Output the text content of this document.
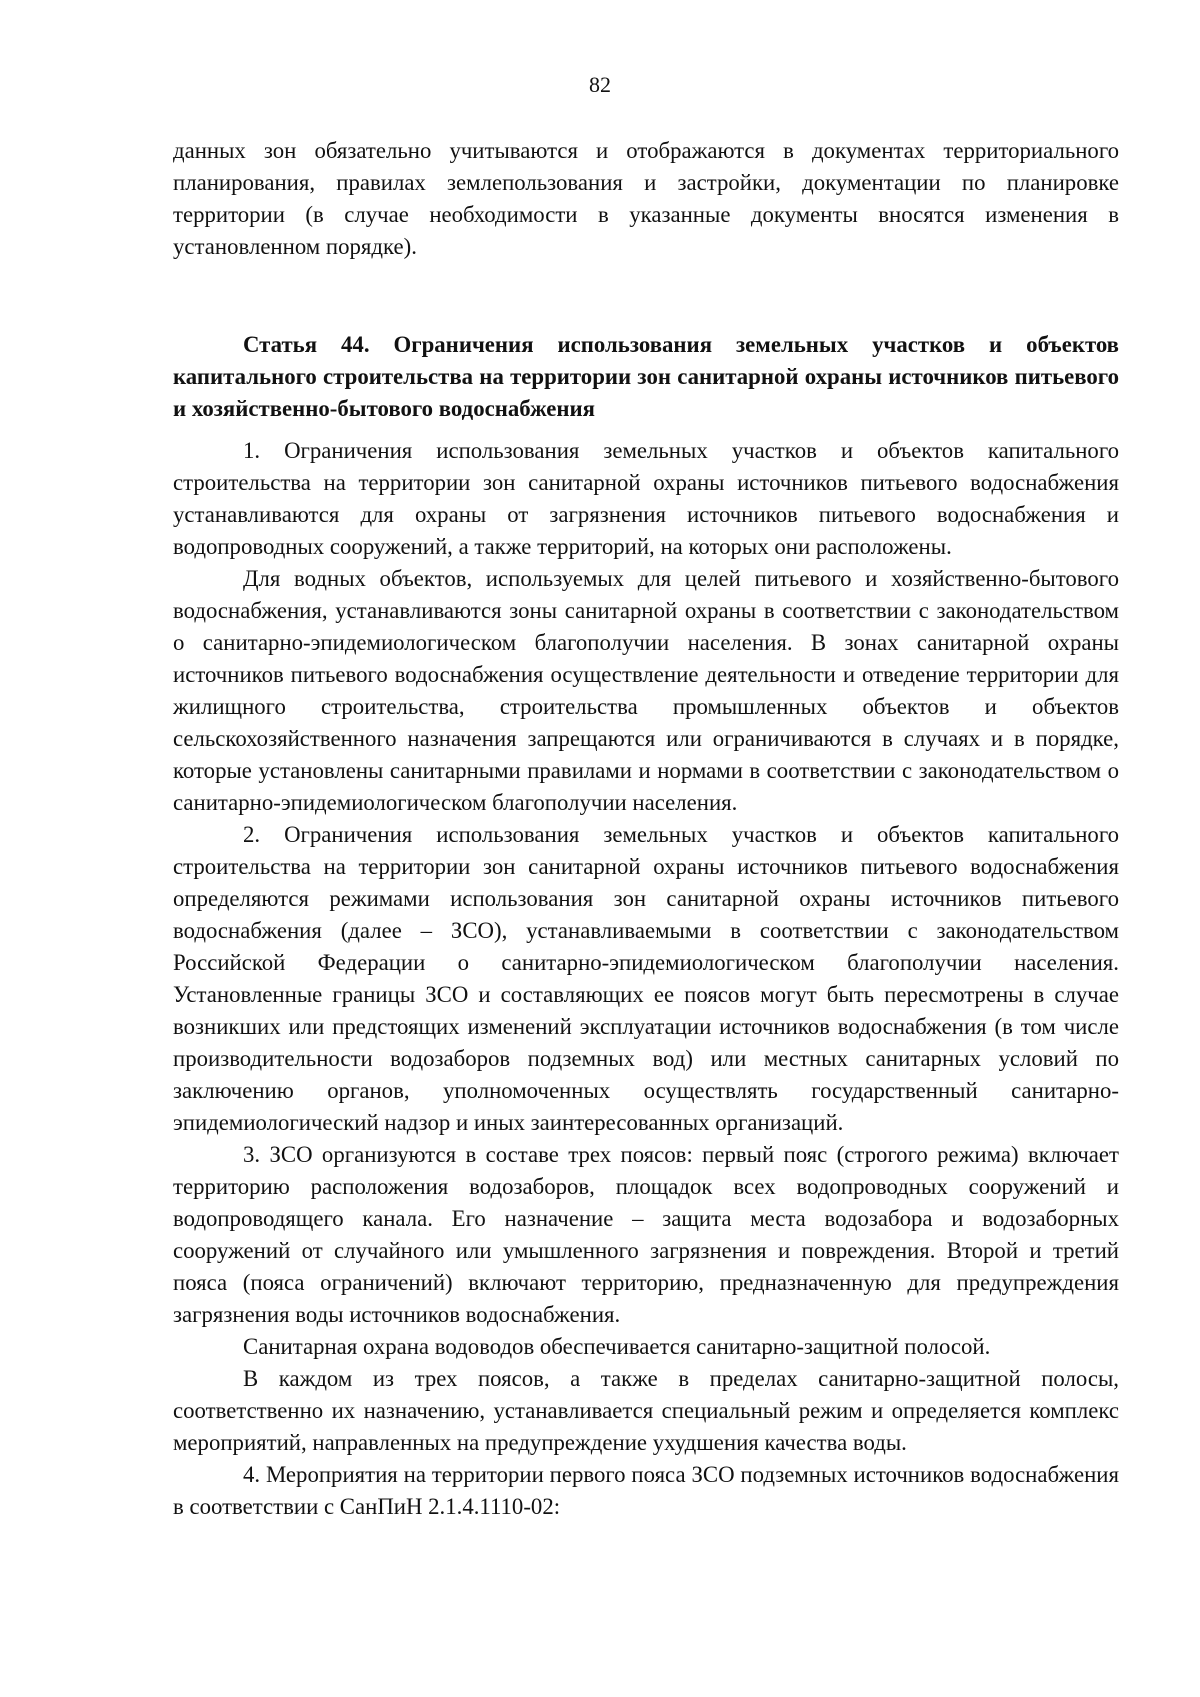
82

данных зон обязательно учитываются и отображаются в документах территориального планирования, правилах землепользования и застройки, документации по планировке территории (в случае необходимости в указанные документы вносятся изменения в установленном порядке).

Статья 44. Ограничения использования земельных участков и объектов капитального строительства на территории зон санитарной охраны источников питьевого и хозяйственно-бытового водоснабжения

1. Ограничения использования земельных участков и объектов капитального строительства на территории зон санитарной охраны источников питьевого водоснабжения устанавливаются для охраны от загрязнения источников питьевого водоснабжения и водопроводных сооружений, а также территорий, на которых они расположены.

Для водных объектов, используемых для целей питьевого и хозяйственно-бытового водоснабжения, устанавливаются зоны санитарной охраны в соответствии с законодательством о санитарно-эпидемиологическом благополучии населения. В зонах санитарной охраны источников питьевого водоснабжения осуществление деятельности и отведение территории для жилищного строительства, строительства промышленных объектов и объектов сельскохозяйственного назначения запрещаются или ограничиваются в случаях и в порядке, которые установлены санитарными правилами и нормами в соответствии с законодательством о санитарно-эпидемиологическом благополучии населения.

2. Ограничения использования земельных участков и объектов капитального строительства на территории зон санитарной охраны источников питьевого водоснабжения определяются режимами использования зон санитарной охраны источников питьевого водоснабжения (далее – ЗСО), устанавливаемыми в соответствии с законодательством Российской Федерации о санитарно-эпидемиологическом благополучии населения. Установленные границы ЗСО и составляющих ее поясов могут быть пересмотрены в случае возникших или предстоящих изменений эксплуатации источников водоснабжения (в том числе производительности водозаборов подземных вод) или местных санитарных условий по заключению органов, уполномоченных осуществлять государственный санитарно-эпидемиологический надзор и иных заинтересованных организаций.

3. ЗСО организуются в составе трех поясов: первый пояс (строгого режима) включает территорию расположения водозаборов, площадок всех водопроводных сооружений и водопроводящего канала. Его назначение – защита места водозабора и водозаборных сооружений от случайного или умышленного загрязнения и повреждения. Второй и третий пояса (пояса ограничений) включают территорию, предназначенную для предупреждения загрязнения воды источников водоснабжения.

Санитарная охрана водоводов обеспечивается санитарно-защитной полосой.

В каждом из трех поясов, а также в пределах санитарно-защитной полосы, соответственно их назначению, устанавливается специальный режим и определяется комплекс мероприятий, направленных на предупреждение ухудшения качества воды.

4. Мероприятия на территории первого пояса ЗСО подземных источников водоснабжения в соответствии с СанПиН 2.1.4.1110-02:
